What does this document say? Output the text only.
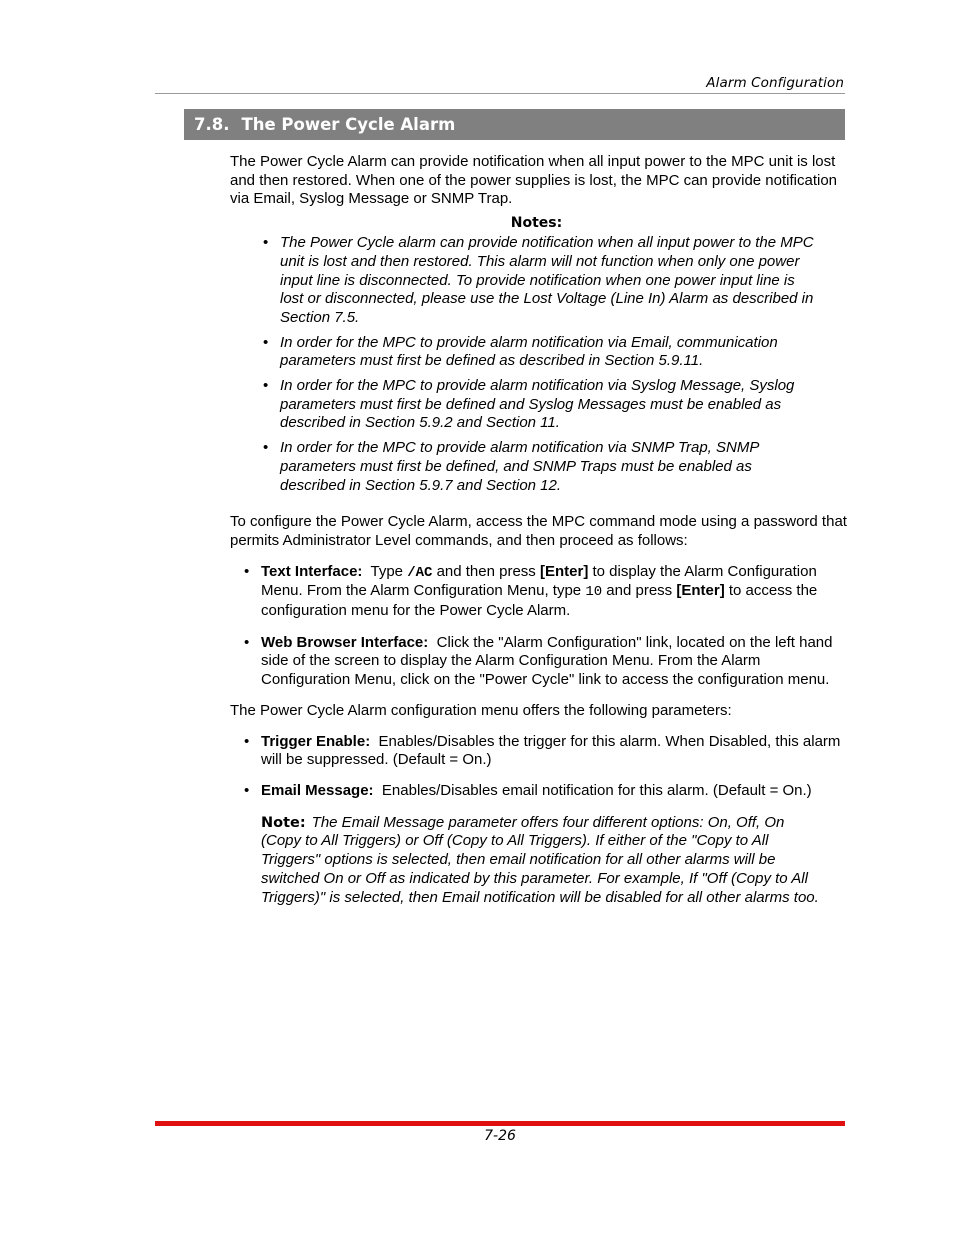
Alarm Configuration
7.8. The Power Cycle Alarm

The Power Cycle Alarm can provide notification when all input power to the MPC unit is lost and then restored. When one of the power supplies is lost, the MPC can provide notification via Email, Syslog Message or SNMP Trap.

Notes:
• The Power Cycle alarm can provide notification when all input power to the MPC unit is lost and then restored. This alarm will not function when only one power input line is disconnected. To provide notification when one power input line is lost or disconnected, please use the Lost Voltage (Line In) Alarm as described in Section 7.5.
• In order for the MPC to provide alarm notification via Email, communication parameters must first be defined as described in Section 5.9.11.
• In order for the MPC to provide alarm notification via Syslog Message, Syslog parameters must first be defined and Syslog Messages must be enabled as described in Section 5.9.2 and Section 11.
• In order for the MPC to provide alarm notification via SNMP Trap, SNMP parameters must first be defined, and SNMP Traps must be enabled as described in Section 5.9.7 and Section 12.

To configure the Power Cycle Alarm, access the MPC command mode using a password that permits Administrator Level commands, and then proceed as follows:

• Text Interface: Type /AC and then press [Enter] to display the Alarm Configuration Menu. From the Alarm Configuration Menu, type 10 and press [Enter] to access the configuration menu for the Power Cycle Alarm.
• Web Browser Interface: Click the "Alarm Configuration" link, located on the left hand side of the screen to display the Alarm Configuration Menu. From the Alarm Configuration Menu, click on the "Power Cycle" link to access the configuration menu.

The Power Cycle Alarm configuration menu offers the following parameters:

• Trigger Enable: Enables/Disables the trigger for this alarm. When Disabled, this alarm will be suppressed. (Default = On.)
• Email Message: Enables/Disables email notification for this alarm. (Default = On.)

Note: The Email Message parameter offers four different options: On, Off, On (Copy to All Triggers) or Off (Copy to All Triggers). If either of the "Copy to All Triggers" options is selected, then email notification for all other alarms will be switched On or Off as indicated by this parameter. For example, If "Off (Copy to All Triggers)" is selected, then Email notification will be disabled for all other alarms too.

7-26
